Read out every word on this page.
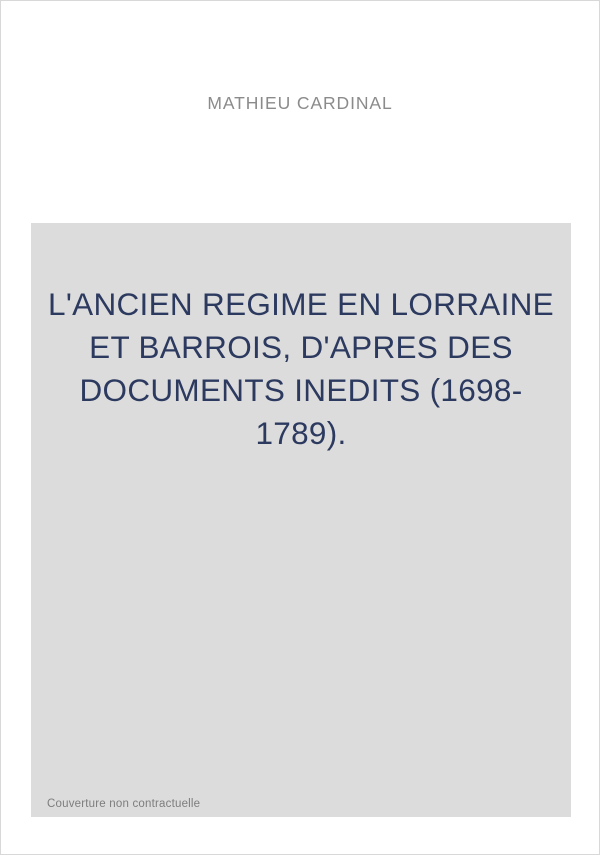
MATHIEU CARDINAL
L'ANCIEN REGIME EN LORRAINE ET BARROIS, D'APRES DES DOCUMENTS INEDITS (1698-1789).
Couverture non contractuelle
